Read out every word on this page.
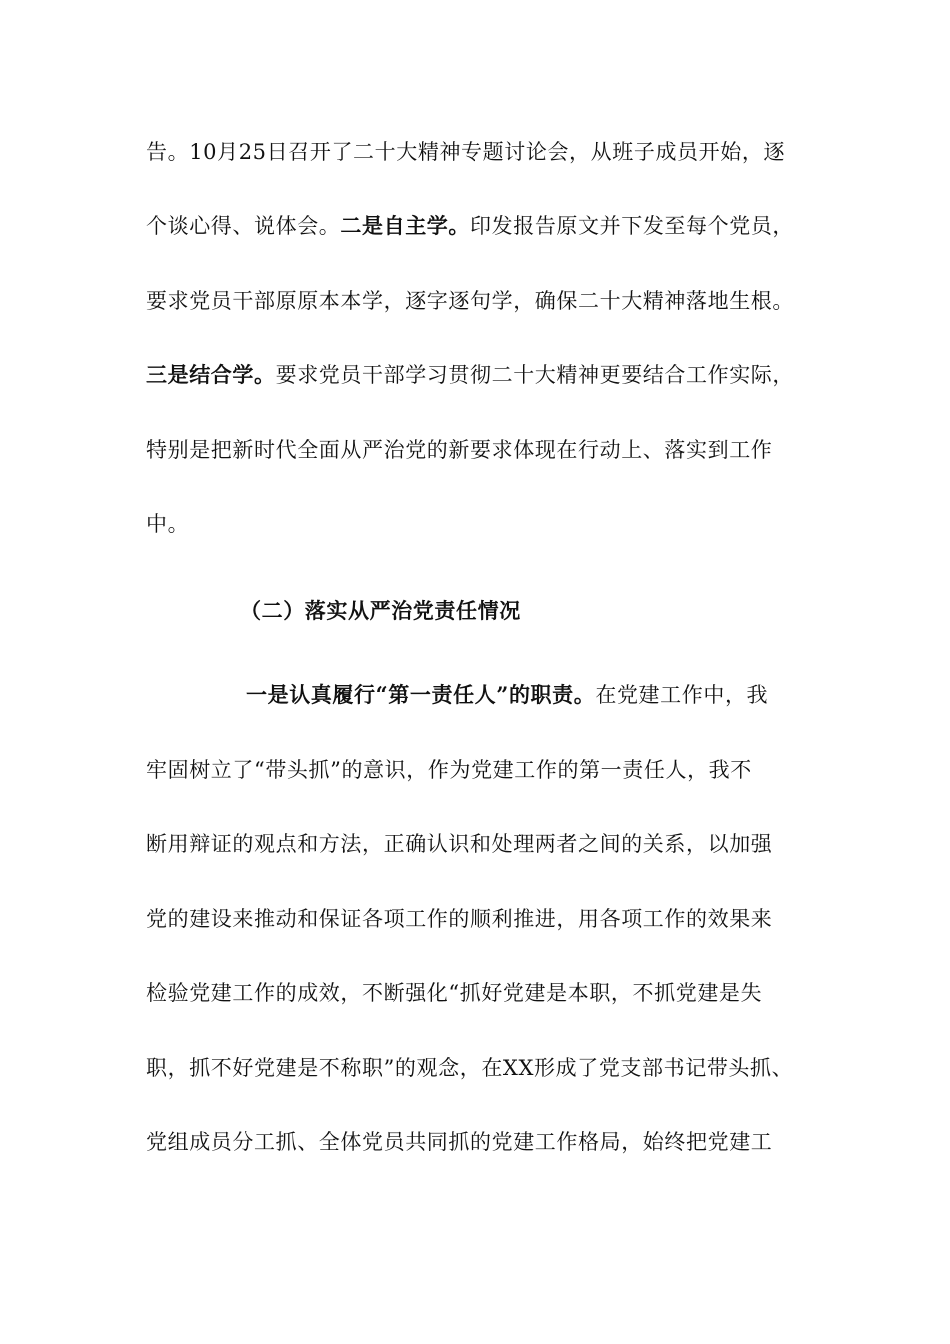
告。10月25日召开了二十大精神专题讨论会，从班子成员开始，逐
个谈心得、说体会。二是自主学。印发报告原文并下发至每个党员，
要求党员干部原原本本学，逐字逐句学，确保二十大精神落地生根。
三是结合学。要求党员干部学习贯彻二十大精神更要结合工作实际，
特别是把新时代全面从严治党的新要求体现在行动上、落实到工作
中。
（二）落实从严治党责任情况
一是认真履行“第一责任人”的职责。在党建工作中，我
牢固树立了“带头抓”的意识，作为党建工作的第一责任人，我不
断用辩证的观点和方法，正确认识和处理两者之间的关系，以加强
党的建设来推动和保证各项工作的顺利推进，用各项工作的效果来
检验党建工作的成效，不断强化“抓好党建是本职，不抓党建是失
职，抓不好党建是不称职”的观念，在XX形成了党支部书记带头抓、
党组成员分工抓、全体党员共同抓的党建工作格局，始终把党建工
